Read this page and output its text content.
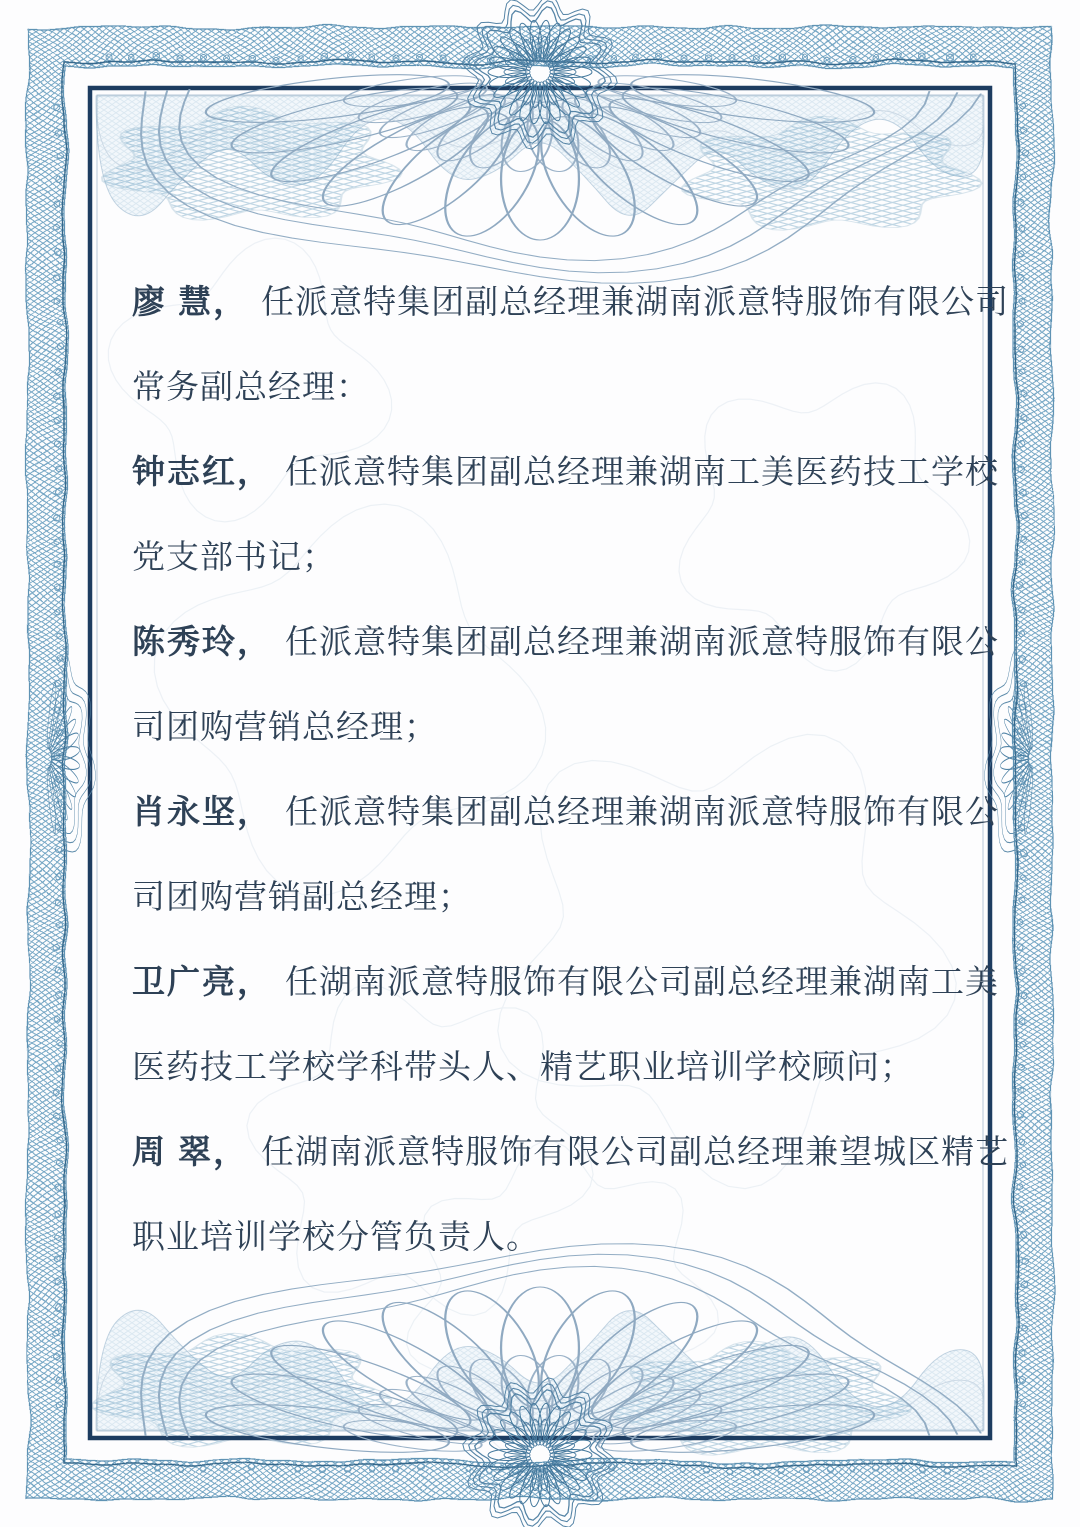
廖 慧， 任派意特集团副总经理兼湖南派意特服饰有限公司
常务副总经理：
钟志红， 任派意特集团副总经理兼湖南工美医药技工学校
党支部书记；
陈秀玲， 任派意特集团副总经理兼湖南派意特服饰有限公
司团购营销总经理；
肖永坚， 任派意特集团副总经理兼湖南派意特服饰有限公
司团购营销副总经理；
卫广亮， 任湖南派意特服饰有限公司副总经理兼湖南工美
医药技工学校学科带头人、精艺职业培训学校顾问；
周 翠， 任湖南派意特服饰有限公司副总经理兼望城区精艺
职业培训学校分管负责人。
